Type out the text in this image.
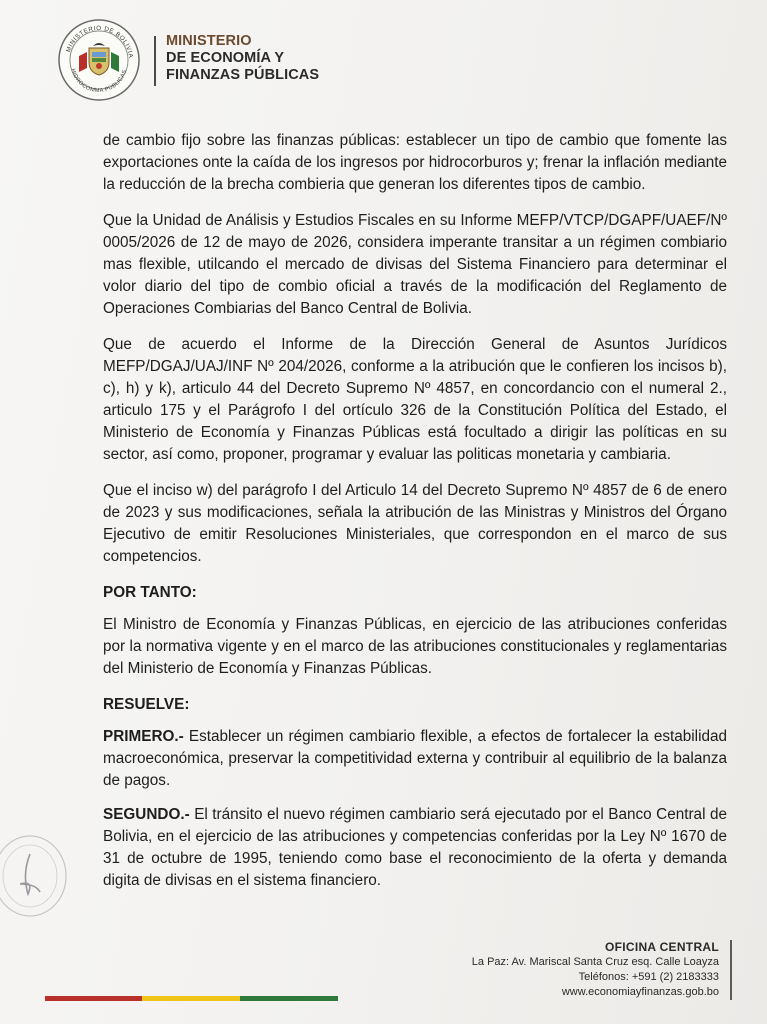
MINISTERIO DE BOLIVIA
HIDROCOMMA PÚBLICAS
MINISTERIO
DE ECONOMÍA Y
FINANZAS PÚBLICAS

de cambio fijo sobre las finanzas públicas: establecer un tipo de cambio que fomente las exportaciones onte la caída de los ingresos por hidrocorburos y; frenar la inflación mediante la reducción de la brecha combieria que generan los diferentes tipos de cambio.

Que la Unidad de Análisis y Estudios Fiscales en su Informe MEFP/VTCP/DGAPF/UAEF/Nº 0005/2026 de 12 de mayo de 2026, considera imperante transitar a un régimen combiario mas flexible, utilcando el mercado de divisas del Sistema Financiero para determinar el volor diario del tipo de combio oficial a través de la modificación del Reglamento de Operaciones Combiarias del Banco Central de Bolivia.

Que de acuerdo el Informe de la Dirección General de Asuntos Jurídicos MEFP/DGAJ/UAJ/INF Nº 204/2026, conforme a la atribución que le confieren los incisos b), c), h) y k), articulo 44 del Decreto Supremo Nº 4857, en concordancio con el numeral 2., articulo 175 y el Parágrofo I del ortículo 326 de la Constitución Política del Estado, el Ministerio de Economía y Finanzas Públicas está focultado a dirigir las políticas en su sector, así como, proponer, programar y evaluar las politicas monetaria y cambiaria.

Que el inciso w) del parágrofo I del Articulo 14 del Decreto Supremo Nº 4857 de 6 de enero de 2023 y sus modificaciones, señala la atribución de las Ministras y Ministros del Órgano Ejecutivo de emitir Resoluciones Ministeriales, que correspondon en el marco de sus competencios.

POR TANTO:

El Ministro de Economía y Finanzas Públicas, en ejercicio de las atribuciones conferidas por la normativa vigente y en el marco de las atribuciones constitucionales y reglamentarias del Ministerio de Economía y Finanzas Públicas.

RESUELVE:

PRIMERO.- Establecer un régimen cambiario flexible, a efectos de fortalecer la estabilidad macroeconómica, preservar la competitividad externa y contribuir al equilibrio de la balanza de pagos.

SEGUNDO.- El tránsito el nuevo régimen cambiario será ejecutado por el Banco Central de Bolivia, en el ejercicio de las atribuciones y competencias conferidas por la Ley Nº 1670 de 31 de octubre de 1995, teniendo como base el reconocimiento de la oferta y demanda digita de divisas en el sistema financiero.

OFICINA CENTRAL
La Paz: Av. Mariscal Santa Cruz esq. Calle Loayza
Teléfonos: +591 (2) 2183333
www.economiayfinanzas.gob.bo
